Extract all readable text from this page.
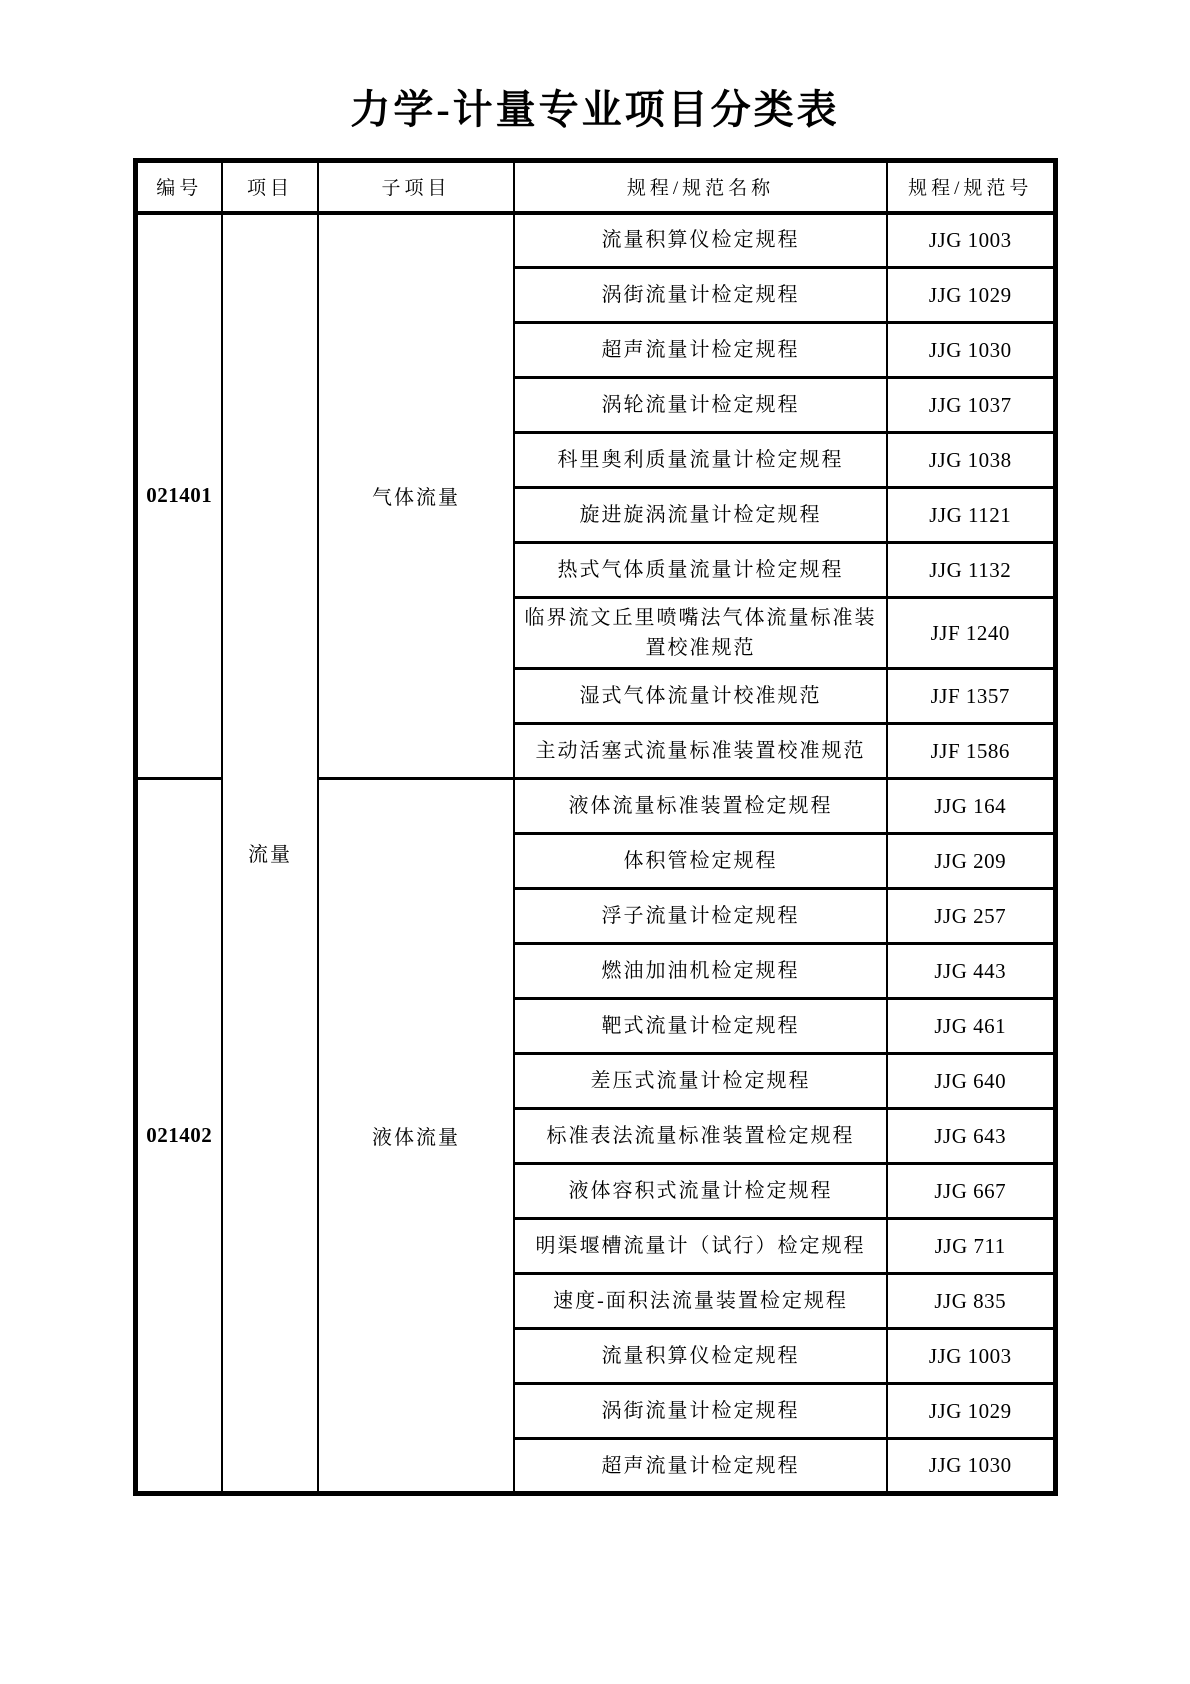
力学-计量专业项目分类表
编号	项目	子项目	规程/规范名称	规程/规范号
021401	流量	气体流量	流量积算仪检定规程	JJG 1003
			涡街流量计检定规程	JJG 1029
			超声流量计检定规程	JJG 1030
			涡轮流量计检定规程	JJG 1037
			科里奥利质量流量计检定规程	JJG 1038
			旋进旋涡流量计检定规程	JJG 1121
			热式气体质量流量计检定规程	JJG 1132
			临界流文丘里喷嘴法气体流量标准装置校准规范	JJF 1240
			湿式气体流量计校准规范	JJF 1357
			主动活塞式流量标准装置校准规范	JJF 1586
021402		液体流量	液体流量标准装置检定规程	JJG 164
			体积管检定规程	JJG 209
			浮子流量计检定规程	JJG 257
			燃油加油机检定规程	JJG 443
			靶式流量计检定规程	JJG 461
			差压式流量计检定规程	JJG 640
			标准表法流量标准装置检定规程	JJG 643
			液体容积式流量计检定规程	JJG 667
			明渠堰槽流量计（试行）检定规程	JJG 711
			速度-面积法流量装置检定规程	JJG 835
			流量积算仪检定规程	JJG 1003
			涡街流量计检定规程	JJG 1029
			超声流量计检定规程	JJG 1030
